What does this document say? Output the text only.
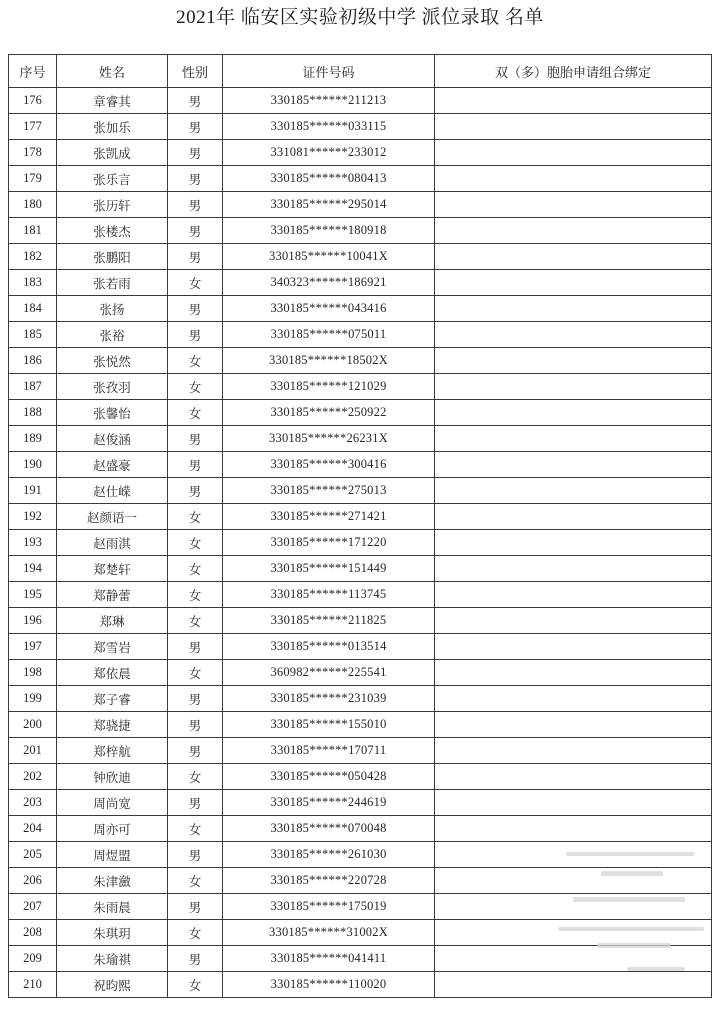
2021年 临安区实验初级中学 派位录取 名单
序号	姓名	性别	证件号码	双（多）胞胎申请组合绑定
176	章睿其	男	330185******211213	
177	张加乐	男	330185******033115	
178	张凯成	男	331081******233012	
179	张乐言	男	330185******080413	
180	张历轩	男	330185******295014	
181	张楼杰	男	330185******180918	
182	张鹏阳	男	330185******10041X	
183	张若雨	女	340323******186921	
184	张扬	男	330185******043416	
185	张裕	男	330185******075011	
186	张悦然	女	330185******18502X	
187	张孜羽	女	330185******121029	
188	张馨怡	女	330185******250922	
189	赵俊涵	男	330185******26231X	
190	赵盛豪	男	330185******300416	
191	赵仕嵘	男	330185******275013	
192	赵颜语一	女	330185******271421	
193	赵雨淇	女	330185******171220	
194	郑楚轩	女	330185******151449	
195	郑静蕾	女	330185******113745	
196	郑琳	女	330185******211825	
197	郑雪岩	男	330185******013514	
198	郑依晨	女	360982******225541	
199	郑子睿	男	330185******231039	
200	郑骁捷	男	330185******155010	
201	郑梓航	男	330185******170711	
202	钟欣迪	女	330185******050428	
203	周尚宽	男	330185******244619	
204	周亦可	女	330185******070048	
205	周煜盟	男	330185******261030	
206	朱津瀲	女	330185******220728	
207	朱雨晨	男	330185******175019	
208	朱琪玥	女	330185******31002X	
209	朱瑜祺	男	330185******041411	
210	祝昀熙	女	330185******110020	
